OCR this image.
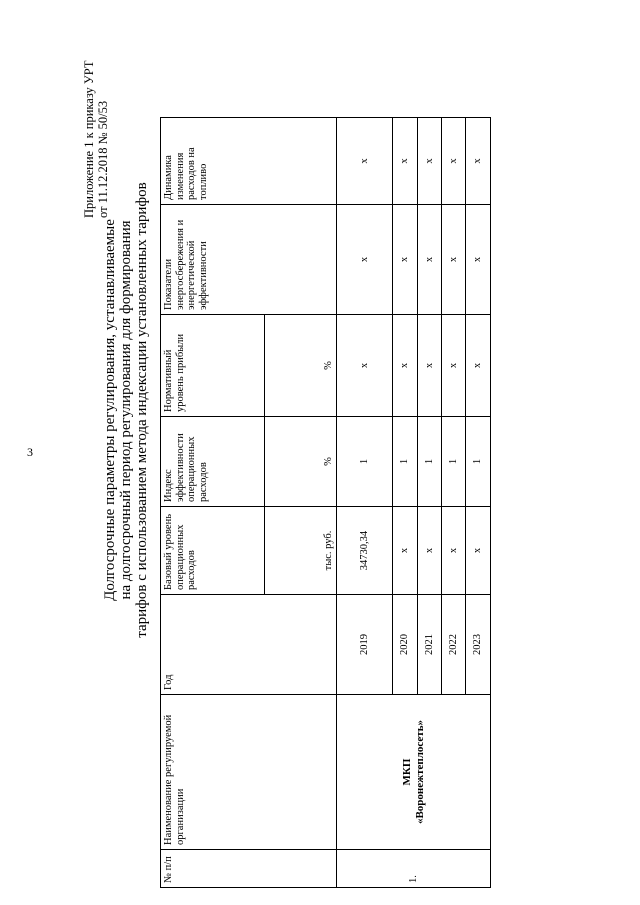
3
Приложение 1 к приказу УРТ от 11.12.2018 № 50/53
Долгосрочные параметры регулирования, устанавливаемые на долгосрочный период регулирования для формирования тарифов с использованием метода индексации установленных тарифов
№ п/п	Наименование регулируемой организации	Год	Базовый уровень операционных расходов	Индекс эффективности операционных расходов	Нормативный уровень прибыли	Показатели энергосбережения и энергетической эффективности	Динамика изменения расходов на топливо
			тыс. руб.	%	%		
1.	МКП «Воронежтеплосеть»	2019	34730,34	1	x	x	x
		2020	x	1	x	x	x
		2021	x	1	x	x	x
		2022	x	1	x	x	x
		2023	x	1	x	x	x
